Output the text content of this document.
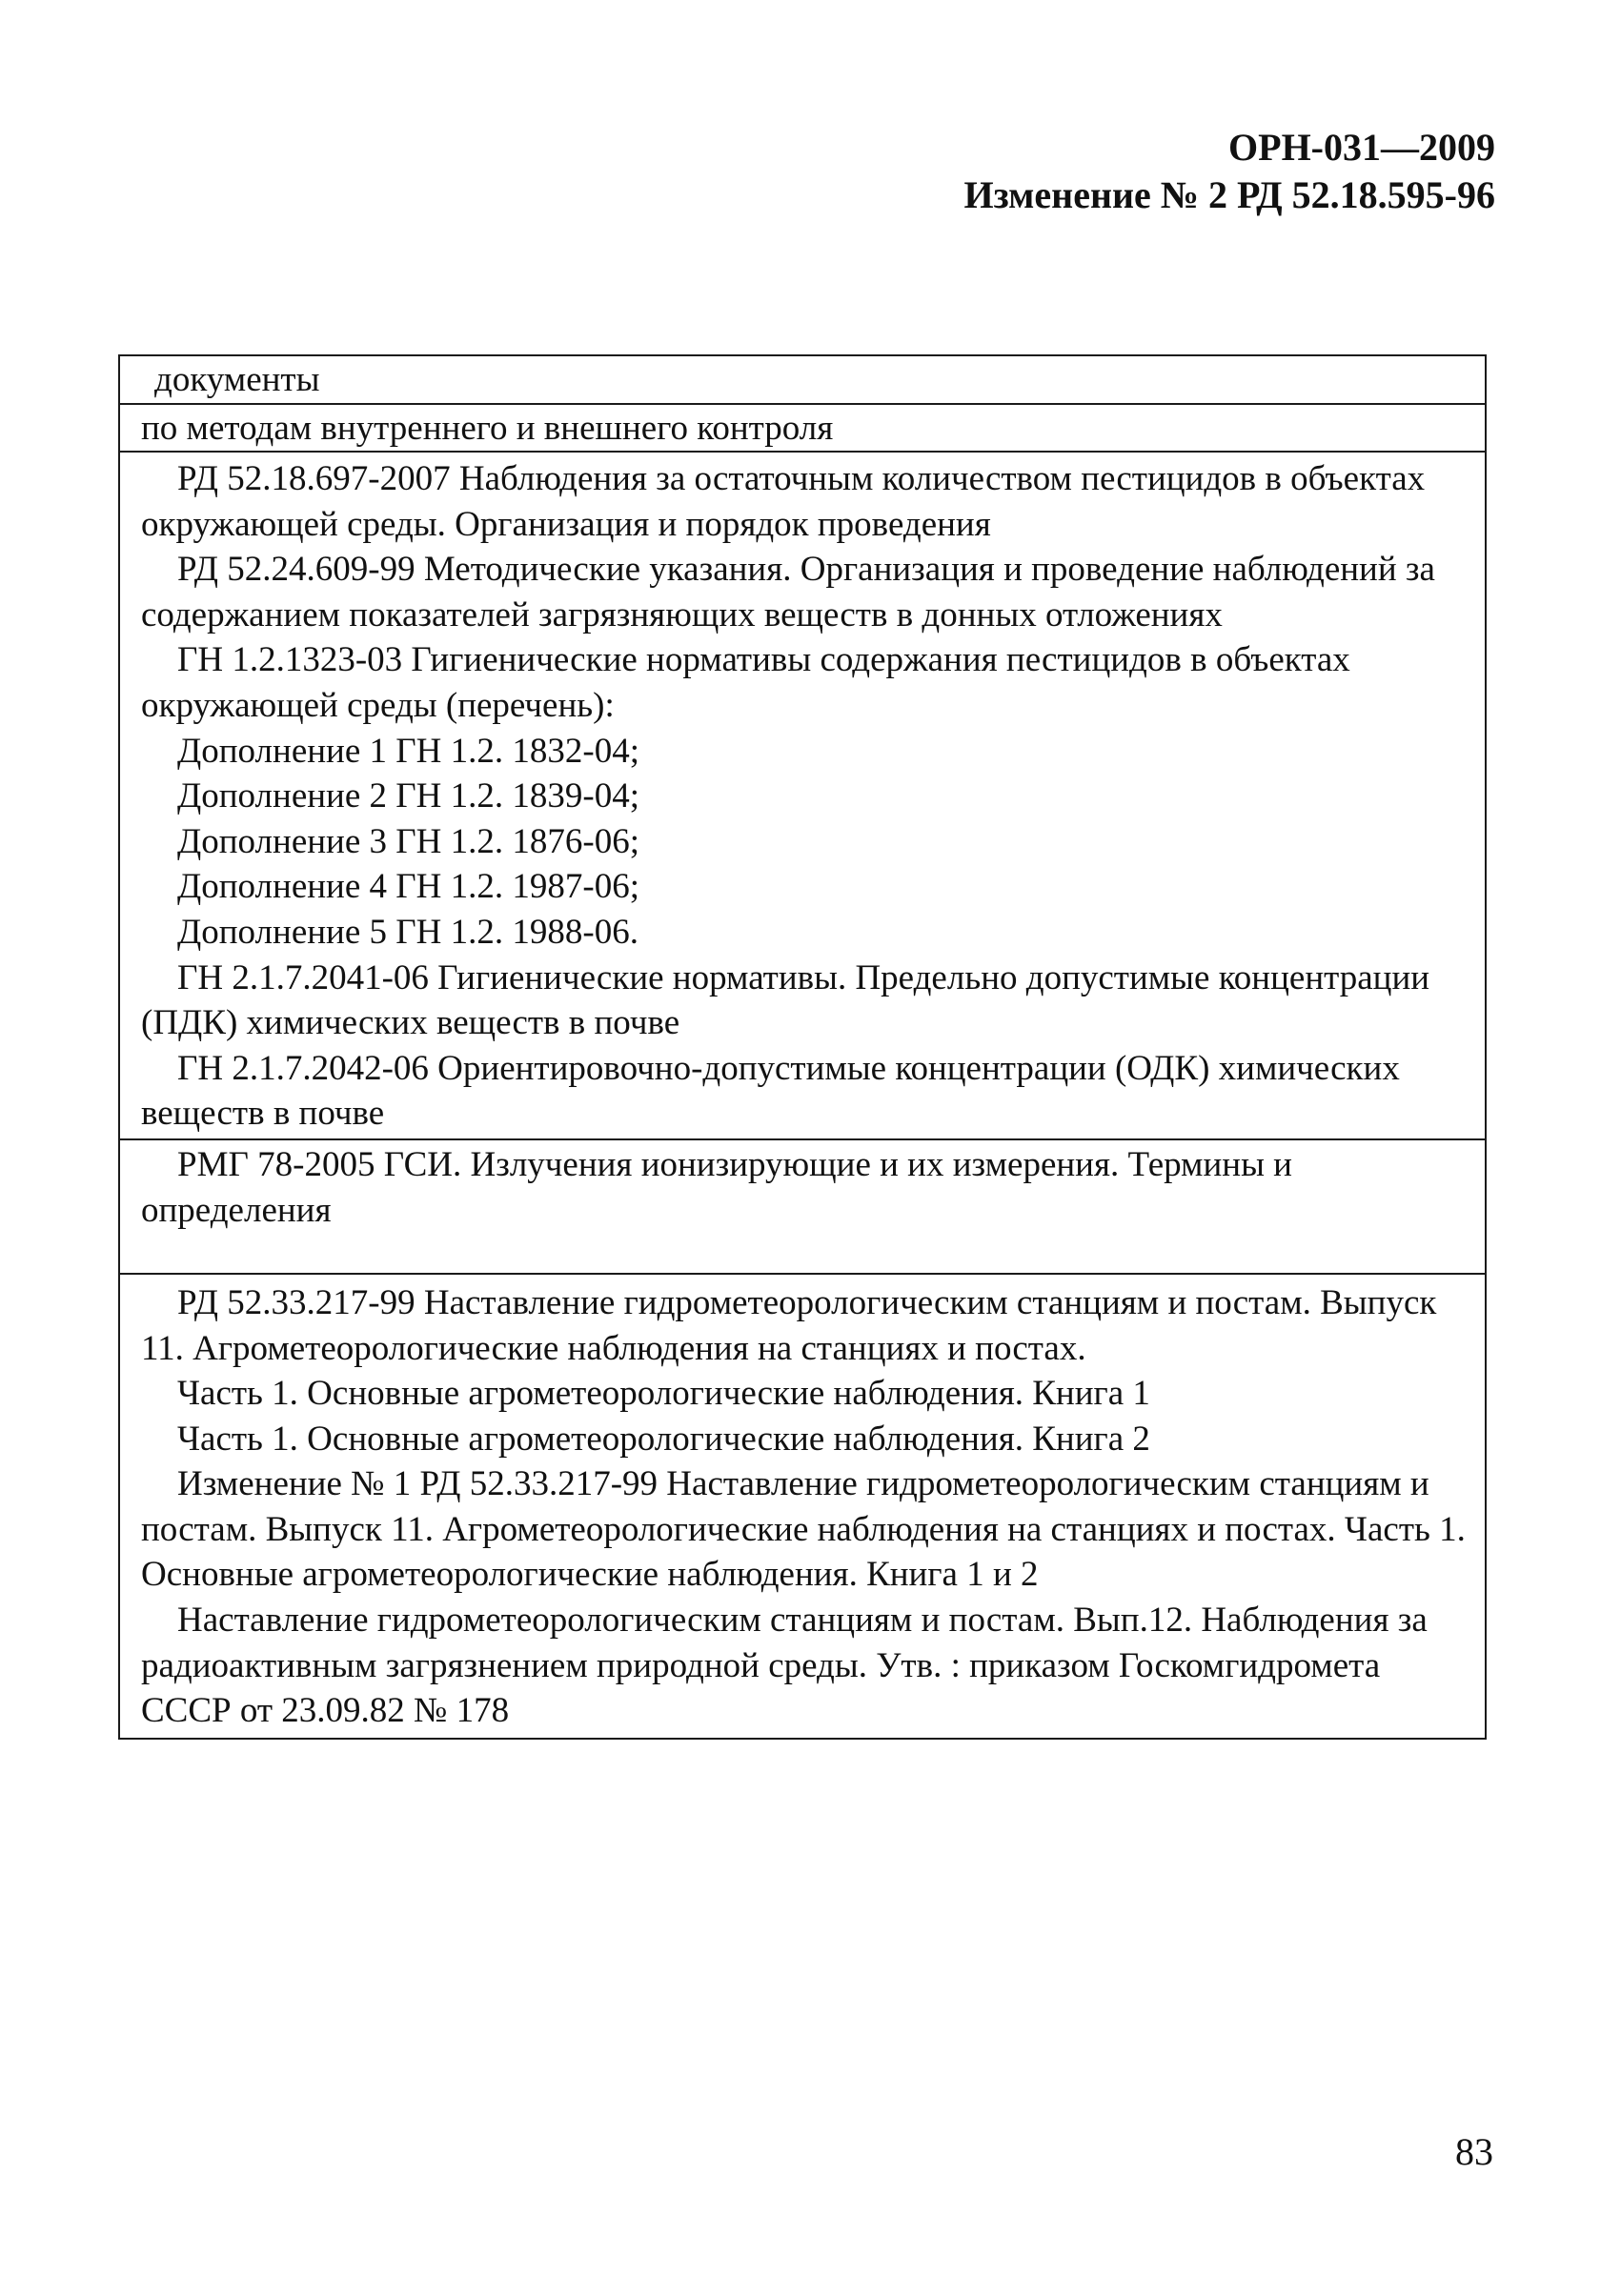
ОРН-031—2009
Изменение № 2 РД 52.18.595-96
документы
по методам внутреннего и внешнего контроля

РД 52.18.697-2007 Наблюдения за остаточным количеством пестицидов в объектах окружающей среды. Организация и порядок проведения

РД 52.24.609-99 Методические указания. Организация и проведение наблюдений за содержанием показателей загрязняющих веществ в донных отложениях

ГН 1.2.1323-03 Гигиенические нормативы содержания пестицидов в объектах окружающей среды (перечень):

Дополнение 1 ГН 1.2. 1832-04;

Дополнение 2 ГН 1.2. 1839-04;

Дополнение 3 ГН 1.2. 1876-06;

Дополнение 4 ГН 1.2. 1987-06;

Дополнение 5 ГН 1.2. 1988-06.

ГН 2.1.7.2041-06 Гигиенические нормативы. Предельно допустимые концентрации (ПДК) химических веществ в почве

ГН 2.1.7.2042-06 Ориентировочно-допустимые концентрации (ОДК) химических веществ в почве

РМГ 78-2005 ГСИ. Излучения ионизирующие и их измерения. Термины и определения

РД 52.33.217-99 Наставление гидрометеорологическим станциям и постам. Выпуск 11. Агрометеорологические наблюдения на станциях и постах.

Часть 1. Основные агрометеорологические наблюдения. Книга 1

Часть 1. Основные агрометеорологические наблюдения. Книга 2

Изменение № 1 РД 52.33.217-99 Наставление гидрометеорологическим станциям и постам. Выпуск 11. Агрометеорологические наблюдения на станциях и постах. Часть 1. Основные агрометеорологические наблюдения. Книга 1 и 2

Наставление гидрометеорологическим станциям и постам. Вып.12. Наблюдения за радиоактивным загрязнением природной среды. Утв. : приказом Госкомгидромета СССР от 23.09.82 № 178

83
